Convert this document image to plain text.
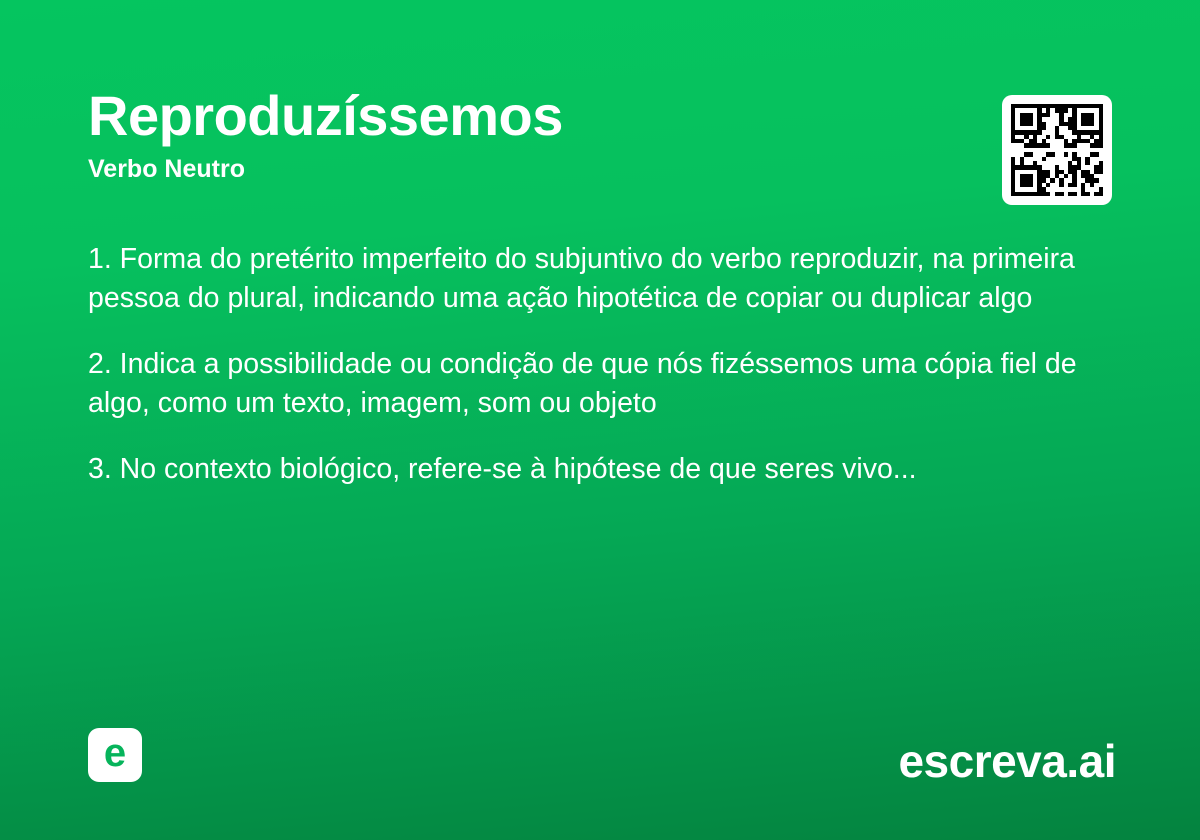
Reproduzíssemos
Verbo Neutro
1. Forma do pretérito imperfeito do subjuntivo do verbo reproduzir, na primeira pessoa do plural, indicando uma ação hipotética de copiar ou duplicar algo
2. Indica a possibilidade ou condição de que nós fizéssemos uma cópia fiel de algo, como um texto, imagem, som ou objeto
3. No contexto biológico, refere-se à hipótese de que seres vivo...
e	escreva.ai
